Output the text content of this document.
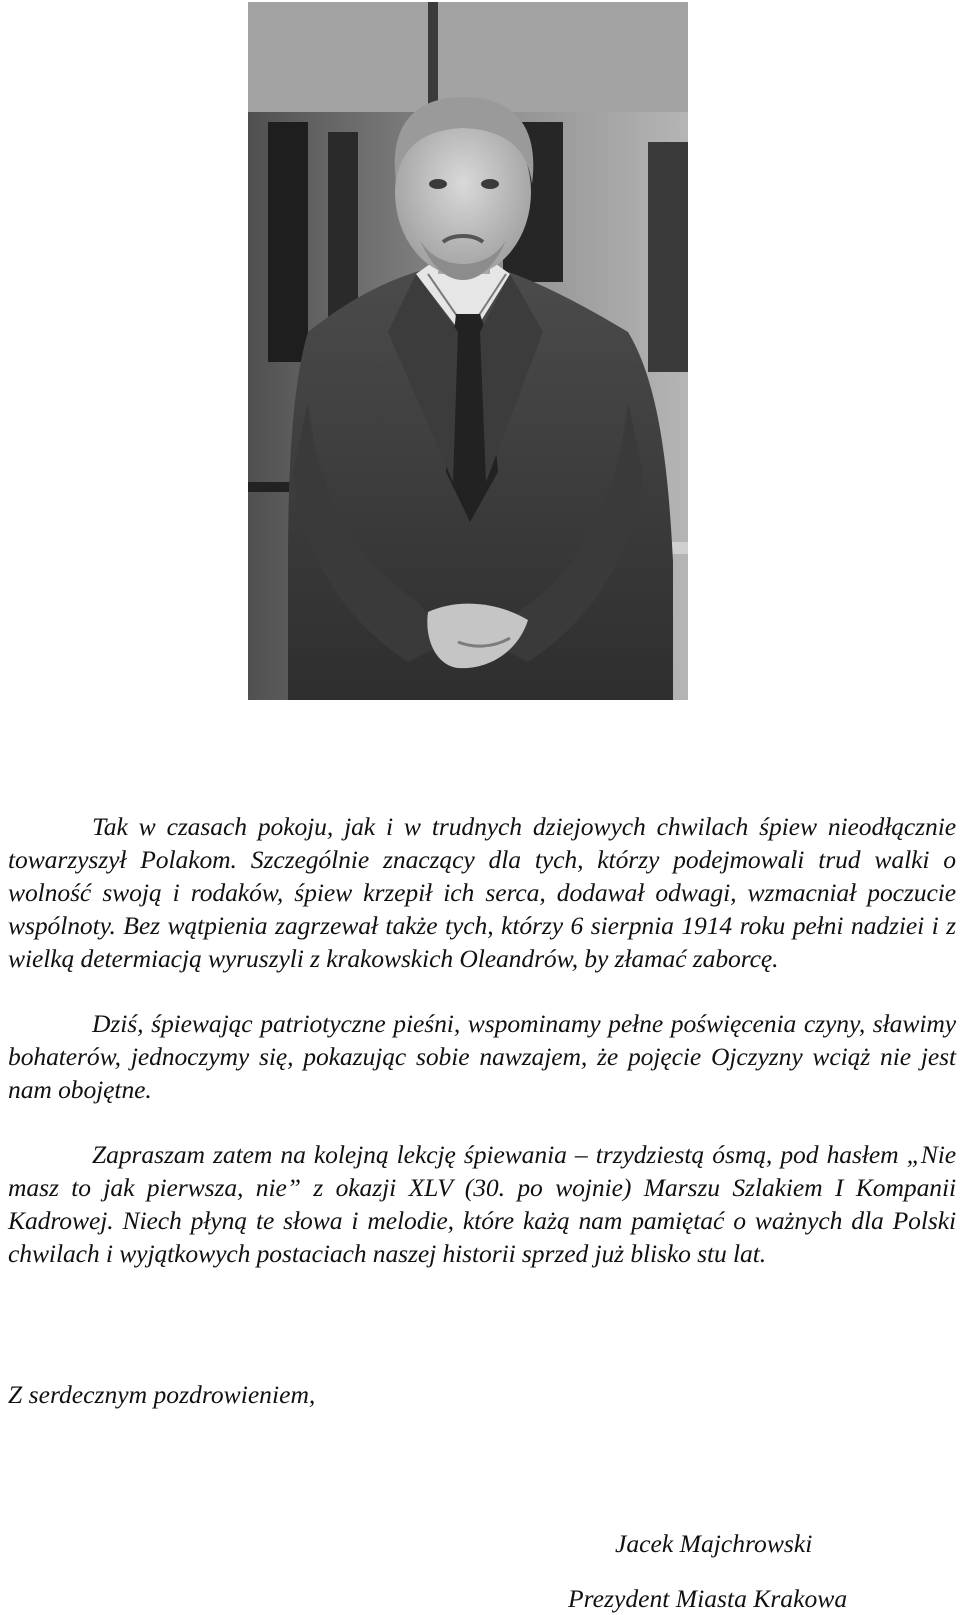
Tak w czasach pokoju, jak i w trudnych dziejowych chwilach śpiew nieodłącznie towarzyszył Polakom. Szczególnie znaczący dla tych, którzy podejmowali trud walki o wolność swoją i rodaków, śpiew krzepił ich serca, dodawał odwagi, wzmacniał poczucie wspólnoty. Bez wątpienia zagrzewał także tych, którzy 6 sierpnia 1914 roku pełni nadziei i z wielką determiacją wyruszyli z krakowskich Oleandrów, by złamać zaborcę.

Dziś, śpiewając patriotyczne pieśni, wspominamy pełne poświęcenia czyny, sławimy bohaterów, jednoczymy się, pokazując sobie nawzajem, że pojęcie Ojczyzny wciąż nie jest nam obojętne.

Zapraszam zatem na kolejną lekcję śpiewania – trzydziestą ósmą, pod hasłem „Nie masz to jak pierwsza, nie” z okazji XLV (30. po wojnie) Marszu Szlakiem I Kompanii Kadrowej. Niech płyną te słowa i melodie, które każą nam pamiętać o ważnych dla Polski chwilach i wyjątkowych postaciach naszej historii sprzed już blisko stu lat.

Z serdecznym pozdrowieniem,
Jacek Majchrowski
Prezydent Miasta Krakowa
